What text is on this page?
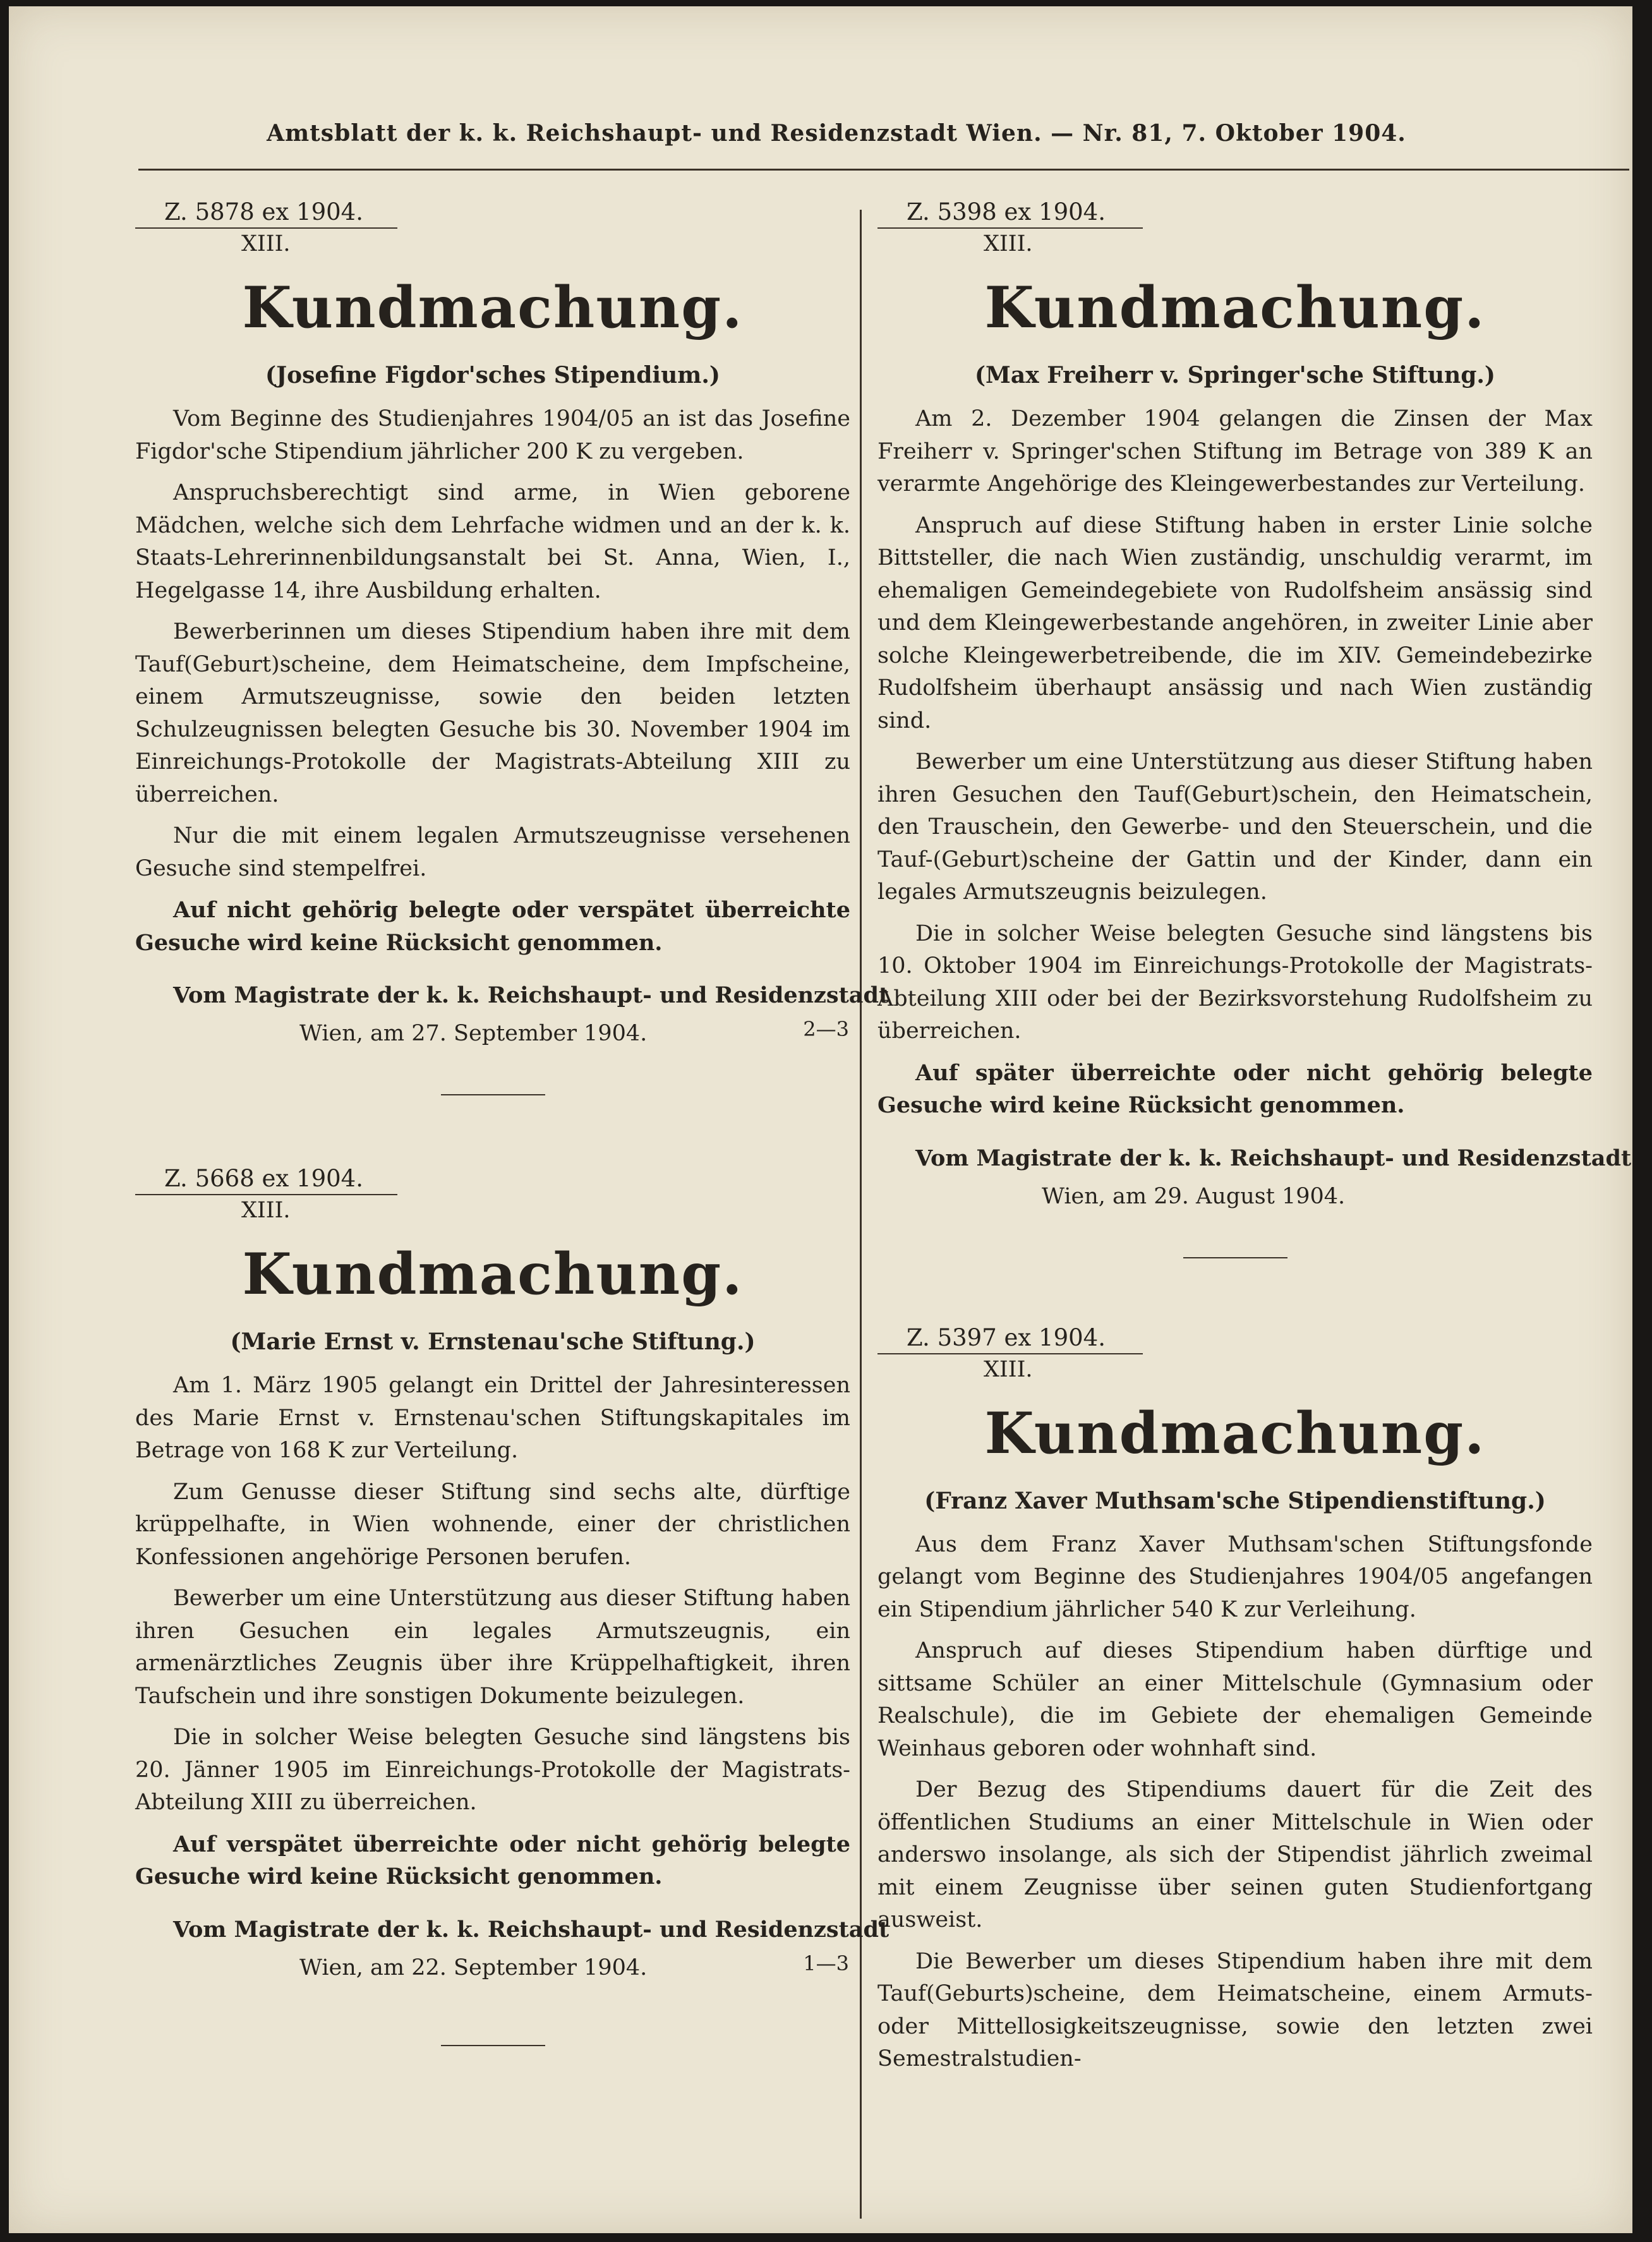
Amtsblatt der k. k. Reichshaupt- und Residenzstadt Wien. — Nr. 81, 7. Oktober 1904.
Z. 5878 ex 1904.
XIII.
Kundmachung.
(Josefine Figdor'sches Stipendium.)

Vom Beginne des Studienjahres 1904/05 an ist das Josefine Figdor'sche Stipendium jährlicher 200 K zu vergeben.

Anspruchsberechtigt sind arme, in Wien geborene Mädchen, welche sich dem Lehrfache widmen und an der k. k. Staats-Lehrerinnenbildungsanstalt bei St. Anna, Wien, I., Hegelgasse 14, ihre Ausbildung erhalten.

Bewerberinnen um dieses Stipendium haben ihre mit dem Tauf(Geburt)scheine, dem Heimatscheine, dem Impfscheine, einem Armutszeugnisse, sowie den beiden letzten Schulzeugnissen belegten Gesuche bis 30. November 1904 im Einreichungs-Protokolle der Magistrats-Abteilung XIII zu überreichen.

Nur die mit einem legalen Armutszeugnisse versehenen Gesuche sind stempelfrei.

Auf nicht gehörig belegte oder verspätet überreichte Gesuche wird keine Rücksicht genommen.

Vom Magistrate der k. k. Reichshaupt- und Residenzstadt
Wien, am 27. September 1904.	2—3
Z. 5668 ex 1904.
XIII.
Kundmachung.
(Marie Ernst v. Ernstenau'sche Stiftung.)

Am 1. März 1905 gelangt ein Drittel der Jahresinteressen des Marie Ernst v. Ernstenau'schen Stiftungskapitales im Betrage von 168 K zur Verteilung.

Zum Genusse dieser Stiftung sind sechs alte, dürftige krüppelhafte, in Wien wohnende, einer der christlichen Konfessionen angehörige Personen berufen.

Bewerber um eine Unterstützung aus dieser Stiftung haben ihren Gesuchen ein legales Armutszeugnis, ein armenärztliches Zeugnis über ihre Krüppelhaftigkeit, ihren Taufschein und ihre sonstigen Dokumente beizulegen.

Die in solcher Weise belegten Gesuche sind längstens bis 20. Jänner 1905 im Einreichungs-Protokolle der Magistrats-Abteilung XIII zu überreichen.

Auf verspätet überreichte oder nicht gehörig belegte Gesuche wird keine Rücksicht genommen.

Vom Magistrate der k. k. Reichshaupt- und Residenzstadt
Wien, am 22. September 1904.	1—3
Z. 5398 ex 1904.
XIII.
Kundmachung.
(Max Freiherr v. Springer'sche Stiftung.)

Am 2. Dezember 1904 gelangen die Zinsen der Max Freiherr v. Springer'schen Stiftung im Betrage von 389 K an verarmte Angehörige des Kleingewerbestandes zur Verteilung.

Anspruch auf diese Stiftung haben in erster Linie solche Bittsteller, die nach Wien zuständig, unschuldig verarmt, im ehemaligen Gemeindegebiete von Rudolfsheim ansässig sind und dem Kleingewerbestande angehören, in zweiter Linie aber solche Kleingewerbetreibende, die im XIV. Gemeindebezirke Rudolfsheim überhaupt ansässig und nach Wien zuständig sind.

Bewerber um eine Unterstützung aus dieser Stiftung haben ihren Gesuchen den Tauf(Geburt)schein, den Heimatschein, den Trauschein, den Gewerbe- und den Steuerschein, und die Tauf-(Geburt)scheine der Gattin und der Kinder, dann ein legales Armutszeugnis beizulegen.

Die in solcher Weise belegten Gesuche sind längstens bis 10. Oktober 1904 im Einreichungs-Protokolle der Magistrats-Abteilung XIII oder bei der Bezirksvorstehung Rudolfsheim zu überreichen.

Auf später überreichte oder nicht gehörig belegte Gesuche wird keine Rücksicht genommen.

Vom Magistrate der k. k. Reichshaupt- und Residenzstadt
Wien, am 29. August 1904.
Z. 5397 ex 1904.
XIII.
Kundmachung.
(Franz Xaver Muthsam'sche Stipendienstiftung.)

Aus dem Franz Xaver Muthsam'schen Stiftungsfonde gelangt vom Beginne des Studienjahres 1904/05 angefangen ein Stipendium jährlicher 540 K zur Verleihung.

Anspruch auf dieses Stipendium haben dürftige und sittsame Schüler an einer Mittelschule (Gymnasium oder Realschule), die im Gebiete der ehemaligen Gemeinde Weinhaus geboren oder wohnhaft sind.

Der Bezug des Stipendiums dauert für die Zeit des öffentlichen Studiums an einer Mittelschule in Wien oder anderswo insolange, als sich der Stipendist jährlich zweimal mit einem Zeugnisse über seinen guten Studienfortgang ausweist.

Die Bewerber um dieses Stipendium haben ihre mit dem Tauf(Geburts)scheine, dem Heimatscheine, einem Armuts- oder Mittellosigkeitszeugnisse, sowie den letzten zwei Semestralstudien-
